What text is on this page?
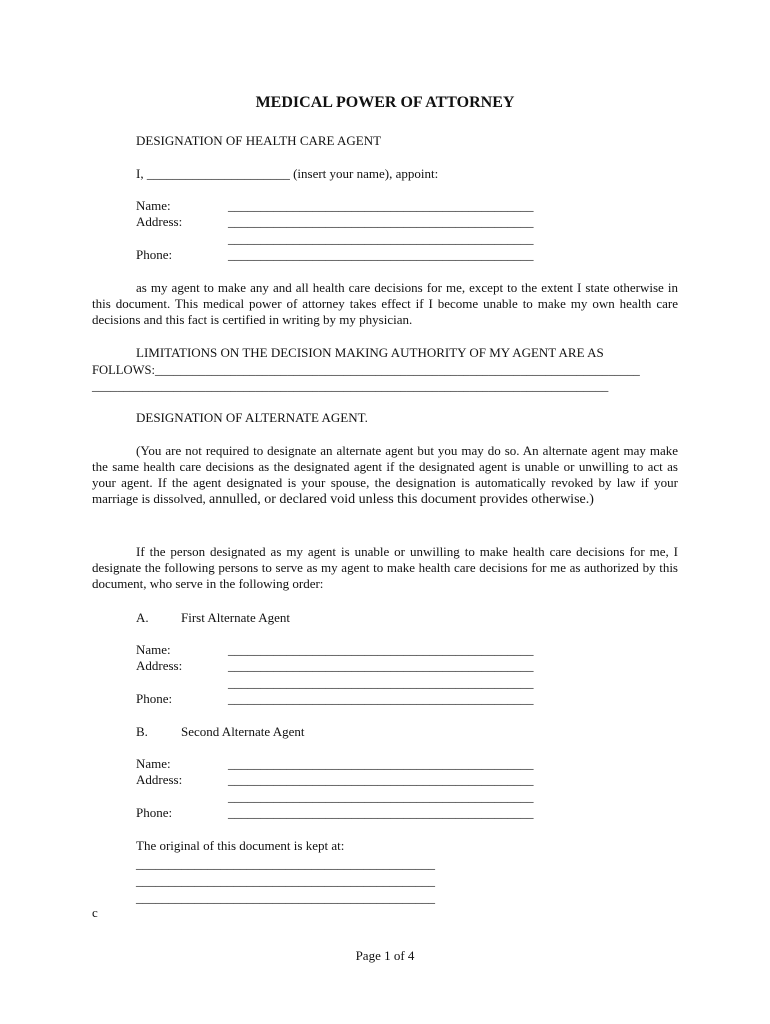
MEDICAL POWER OF ATTORNEY
DESIGNATION OF HEALTH CARE AGENT
I, ______________________ (insert your name), appoint:
Name:	_______________________________________________
Address:	_______________________________________________
_______________________________________________
Phone:	_______________________________________________
as my agent to make any and all health care decisions for me, except to the extent I state otherwise in this document. This medical power of attorney takes effect if I become unable to make my own health care decisions and this fact is certified in writing by my physician.
LIMITATIONS ON THE DECISION MAKING AUTHORITY OF MY AGENT ARE AS
FOLLOWS:_____________________________________________________________________________
__________________________________________________________________________________
DESIGNATION OF ALTERNATE AGENT.
(You are not required to designate an alternate agent but you may do so. An alternate agent may make the same health care decisions as the designated agent if the designated agent is unable or unwilling to act as your agent. If the agent designated is your spouse, the designation is automatically revoked by law if your marriage is dissolved, annulled, or declared void unless this document provides otherwise.)
If the person designated as my agent is unable or unwilling to make health care decisions for me, I designate the following persons to serve as my agent to make health care decisions for me as authorized by this document, who serve in the following order:
A. First Alternate Agent
Name:	_______________________________________________
Address:	_______________________________________________
_______________________________________________
Phone:	_______________________________________________
B.	Second Alternate Agent
Name:	_______________________________________________
Address:	_______________________________________________
_______________________________________________
Phone:	_______________________________________________
The original of this document is kept at:
______________________________________________
______________________________________________
______________________________________________
c
Page 1 of 4
